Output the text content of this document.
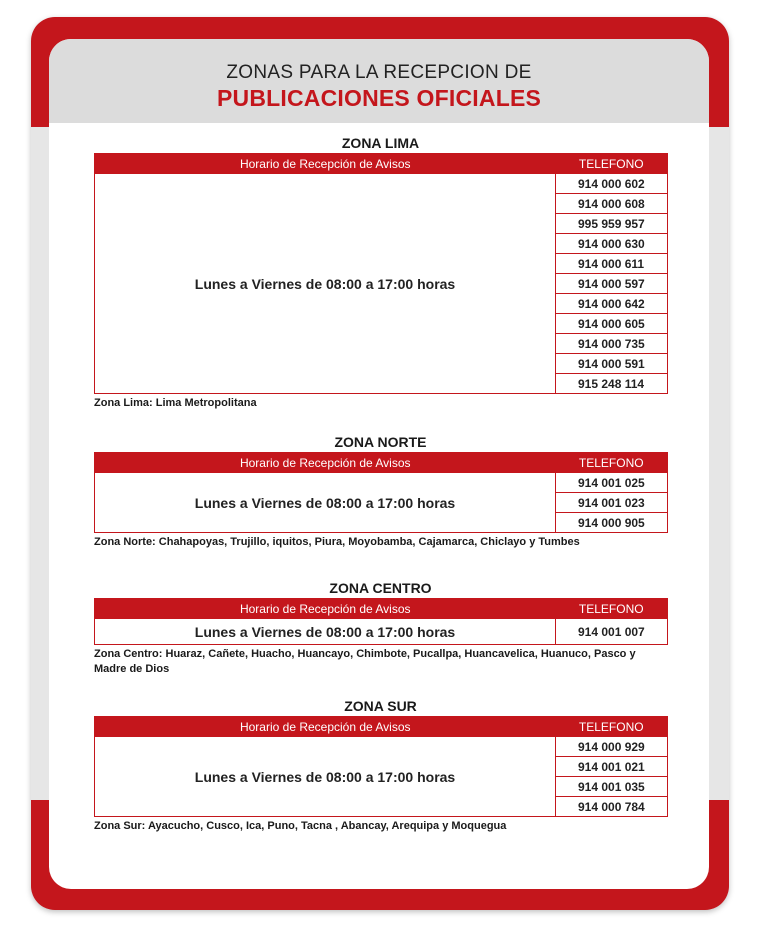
ZONAS PARA LA RECEPCION DE
PUBLICACIONES OFICIALES
ZONA LIMA
Horario de Recepción de Avisos	TELEFONO
Lunes a Viernes de 08:00 a 17:00 horas	914 000 602
	914 000 608
	995 959 957
	914 000 630
	914 000 611
	914 000 597
	914 000 642
	914 000 605
	914 000 735
	914 000 591
	915 248 114
Zona Lima: Lima Metropolitana
ZONA NORTE
Horario de Recepción de Avisos	TELEFONO
Lunes a Viernes de 08:00 a 17:00 horas	914 001 025
	914 001 023
	914 000 905
Zona Norte: Chahapoyas, Trujillo, iquitos, Piura, Moyobamba, Cajamarca, Chiclayo y Tumbes
ZONA CENTRO
Horario de Recepción de Avisos	TELEFONO
Lunes a Viernes de 08:00 a 17:00 horas	914 001 007
Zona Centro: Huaraz, Cañete, Huacho, Huancayo, Chimbote, Pucallpa, Huancavelica, Huanuco, Pasco y Madre de Dios
ZONA SUR
Horario de Recepción de Avisos	TELEFONO
Lunes a Viernes de 08:00 a 17:00 horas	914 000 929
	914 001 021
	914 001 035
	914 000 784
Zona Sur: Ayacucho, Cusco, Ica, Puno, Tacna , Abancay, Arequipa y Moquegua
